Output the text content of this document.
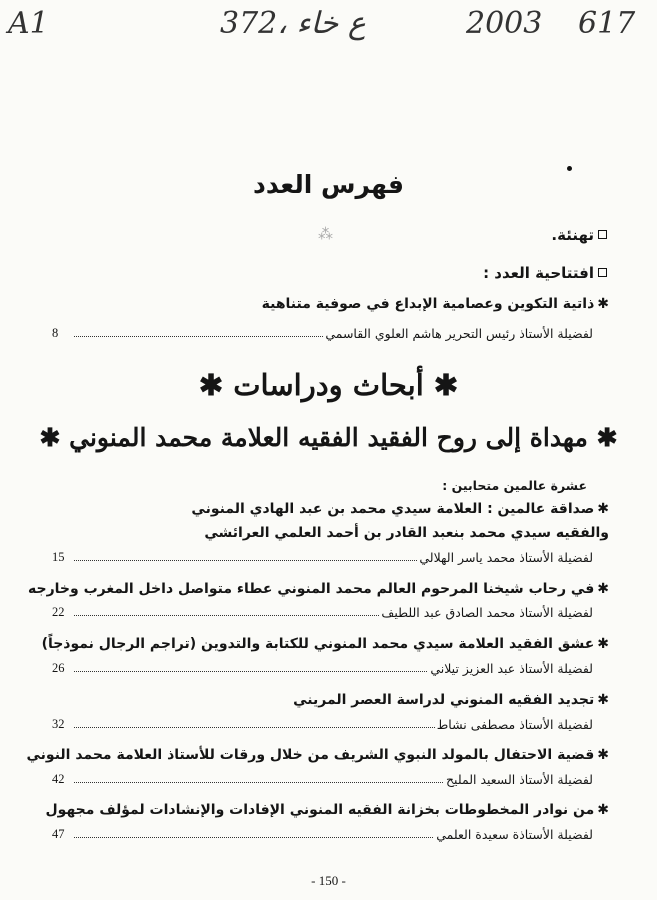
A1	372، ع خاء	2003 617
فهرس العدد
تهنئة.
⁂
افتتاحية العدد :
✱ذاتية التكوين وعصامية الإبداع في صوفية متناهية
لفضيلة الأستاذ رئيس التحرير هاشم العلوي القاسمي
8
✱ أبحاث ودراسات ✱
✱ مهداة إلى روح الفقيد الفقيه العلامة محمد المنوني ✱
عشرة عالمين متحابين :
✱صداقة عالمين : العلامة سيدي محمد بن عبد الهادي المنوني
والفقيه سيدي محمد بنعبد القادر بن أحمد العلمي العرائشي
لفضيلة الأستاذ محمد ياسر الهلالي
15
✱في رحاب شيخنا المرحوم العالم محمد المنوني عطاء متواصل داخل المغرب وخارجه
لفضيلة الأستاذ محمد الصادق عبد اللطيف
22
✱عشق الفقيد العلامة سيدي محمد المنوني للكتابة والتدوين (تراجم الرجال نموذجاً)
لفضيلة الأستاذ عبد العزيز تيلاني
26
✱تجديد الفقيه المنوني لدراسة العصر المريني
لفضيلة الأستاذ مصطفى نشاط
32
✱قضية الاحتفال بالمولد النبوي الشريف من خلال ورقات للأستاذ العلامة محمد النوني
لفضيلة الأستاذ السعيد المليح
42
✱من نوادر المخطوطات بخزانة الفقيه المنوني الإفادات والإنشادات لمؤلف مجهول
لفضيلة الأستاذة سعيدة العلمي
47
- 150 -
